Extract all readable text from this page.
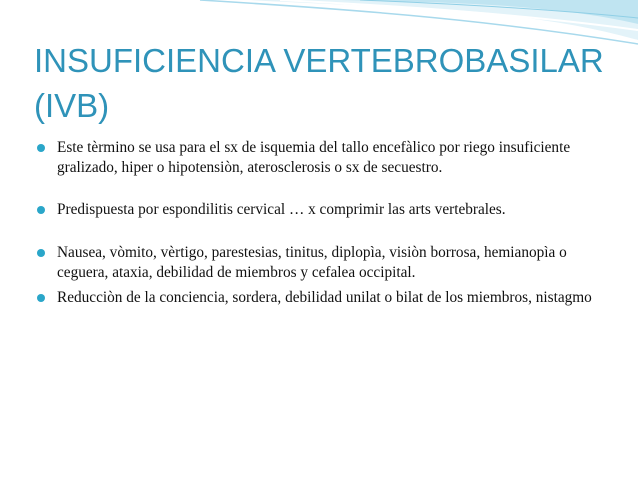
INSUFICIENCIA VERTEBROBASILAR (IVB)
Este tèrmino se usa para el sx de isquemia del tallo encefàlico por riego insuficiente gralizado, hiper o hipotensiòn, aterosclerosis o sx de secuestro.
Predispuesta por espondilitis cervical … x comprimir las arts vertebrales.
Nausea, vòmito, vèrtigo, parestesias, tinitus, diplopìa, visiòn borrosa, hemianopìa o ceguera, ataxia, debilidad de miembros y cefalea occipital.
Reducciòn de la conciencia, sordera, debilidad unilat o bilat de los miembros, nistagmo
